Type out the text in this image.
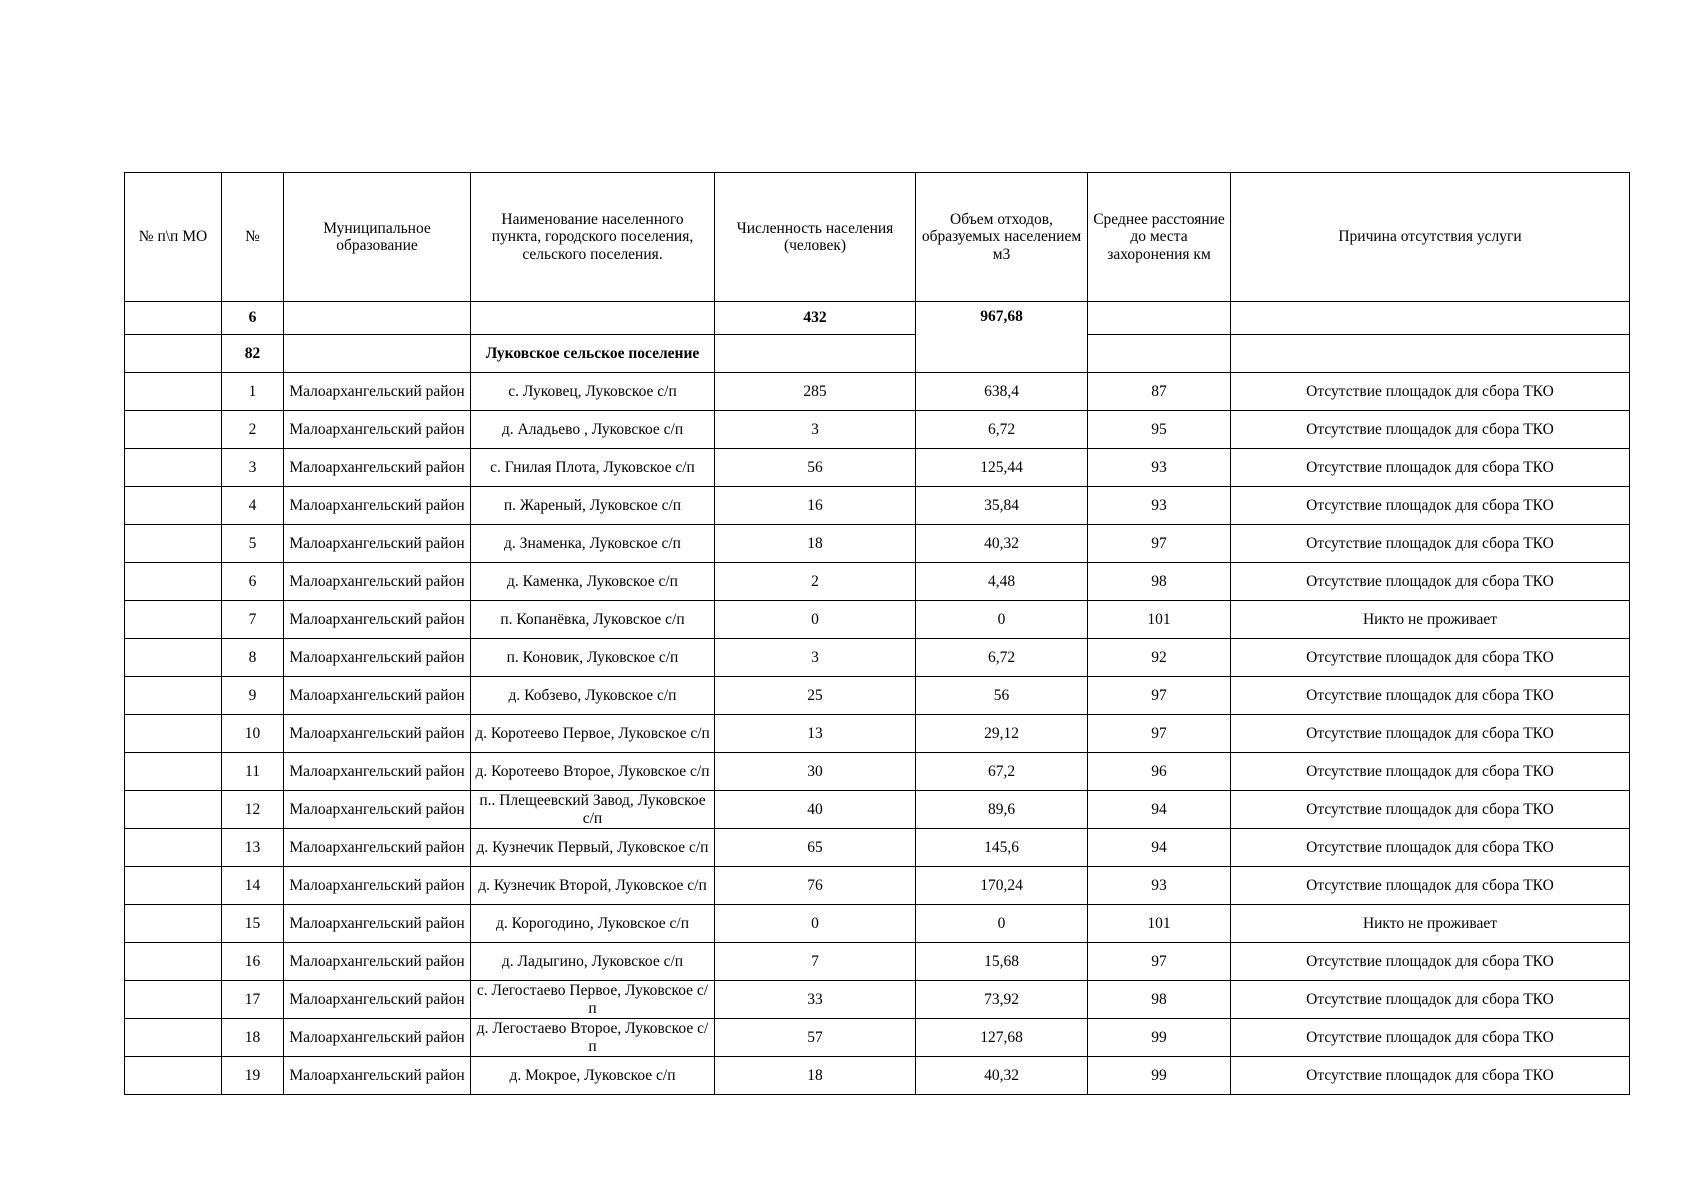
№ п\п МО	№	Муниципальное образование	Наименование населенного пункта, городского поселения, сельского поселения.	Численность населения (человек)	Объем отходов, образуемых населением м3	Среднее расстояние до места захоронения км	Причина отсутствия услуги
	6			432	967,68		
	82		Луковское сельское поселение				
	1	Малоархангельский район	с. Луковец, Луковское с/п	285	638,4	87	Отсутствие площадок для сбора ТКО
	2	Малоархангельский район	д. Аладьево , Луковское с/п	3	6,72	95	Отсутствие площадок для сбора ТКО
	3	Малоархангельский район	с. Гнилая Плота, Луковское с/п	56	125,44	93	Отсутствие площадок для сбора ТКО
	4	Малоархангельский район	п. Жареный, Луковское с/п	16	35,84	93	Отсутствие площадок для сбора ТКО
	5	Малоархангельский район	д. Знаменка, Луковское с/п	18	40,32	97	Отсутствие площадок для сбора ТКО
	6	Малоархангельский район	д. Каменка, Луковское с/п	2	4,48	98	Отсутствие площадок для сбора ТКО
	7	Малоархангельский район	п. Копанёвка, Луковское с/п	0	0	101	Никто не проживает
	8	Малоархангельский район	п. Коновик, Луковское с/п	3	6,72	92	Отсутствие площадок для сбора ТКО
	9	Малоархангельский район	д. Кобзево, Луковское с/п	25	56	97	Отсутствие площадок для сбора ТКО
	10	Малоархангельский район	д. Коротеево Первое, Луковское с/п	13	29,12	97	Отсутствие площадок для сбора ТКО
	11	Малоархангельский район	д. Коротеево Второе, Луковское с/п	30	67,2	96	Отсутствие площадок для сбора ТКО
	12	Малоархангельский район	п.. Плещеевский Завод, Луковское с/п	40	89,6	94	Отсутствие площадок для сбора ТКО
	13	Малоархангельский район	д. Кузнечик Первый, Луковское с/п	65	145,6	94	Отсутствие площадок для сбора ТКО
	14	Малоархангельский район	д. Кузнечик Второй, Луковское с/п	76	170,24	93	Отсутствие площадок для сбора ТКО
	15	Малоархангельский район	д. Корогодино, Луковское с/п	0	0	101	Никто не проживает
	16	Малоархангельский район	д. Ладыгино, Луковское с/п	7	15,68	97	Отсутствие площадок для сбора ТКО
	17	Малоархангельский район	с. Легостаево Первое, Луковское с/п	33	73,92	98	Отсутствие площадок для сбора ТКО
	18	Малоархангельский район	д. Легостаево Второе, Луковское с/п	57	127,68	99	Отсутствие площадок для сбора ТКО
	19	Малоархангельский район	д. Мокрое, Луковское с/п	18	40,32	99	Отсутствие площадок для сбора ТКО
